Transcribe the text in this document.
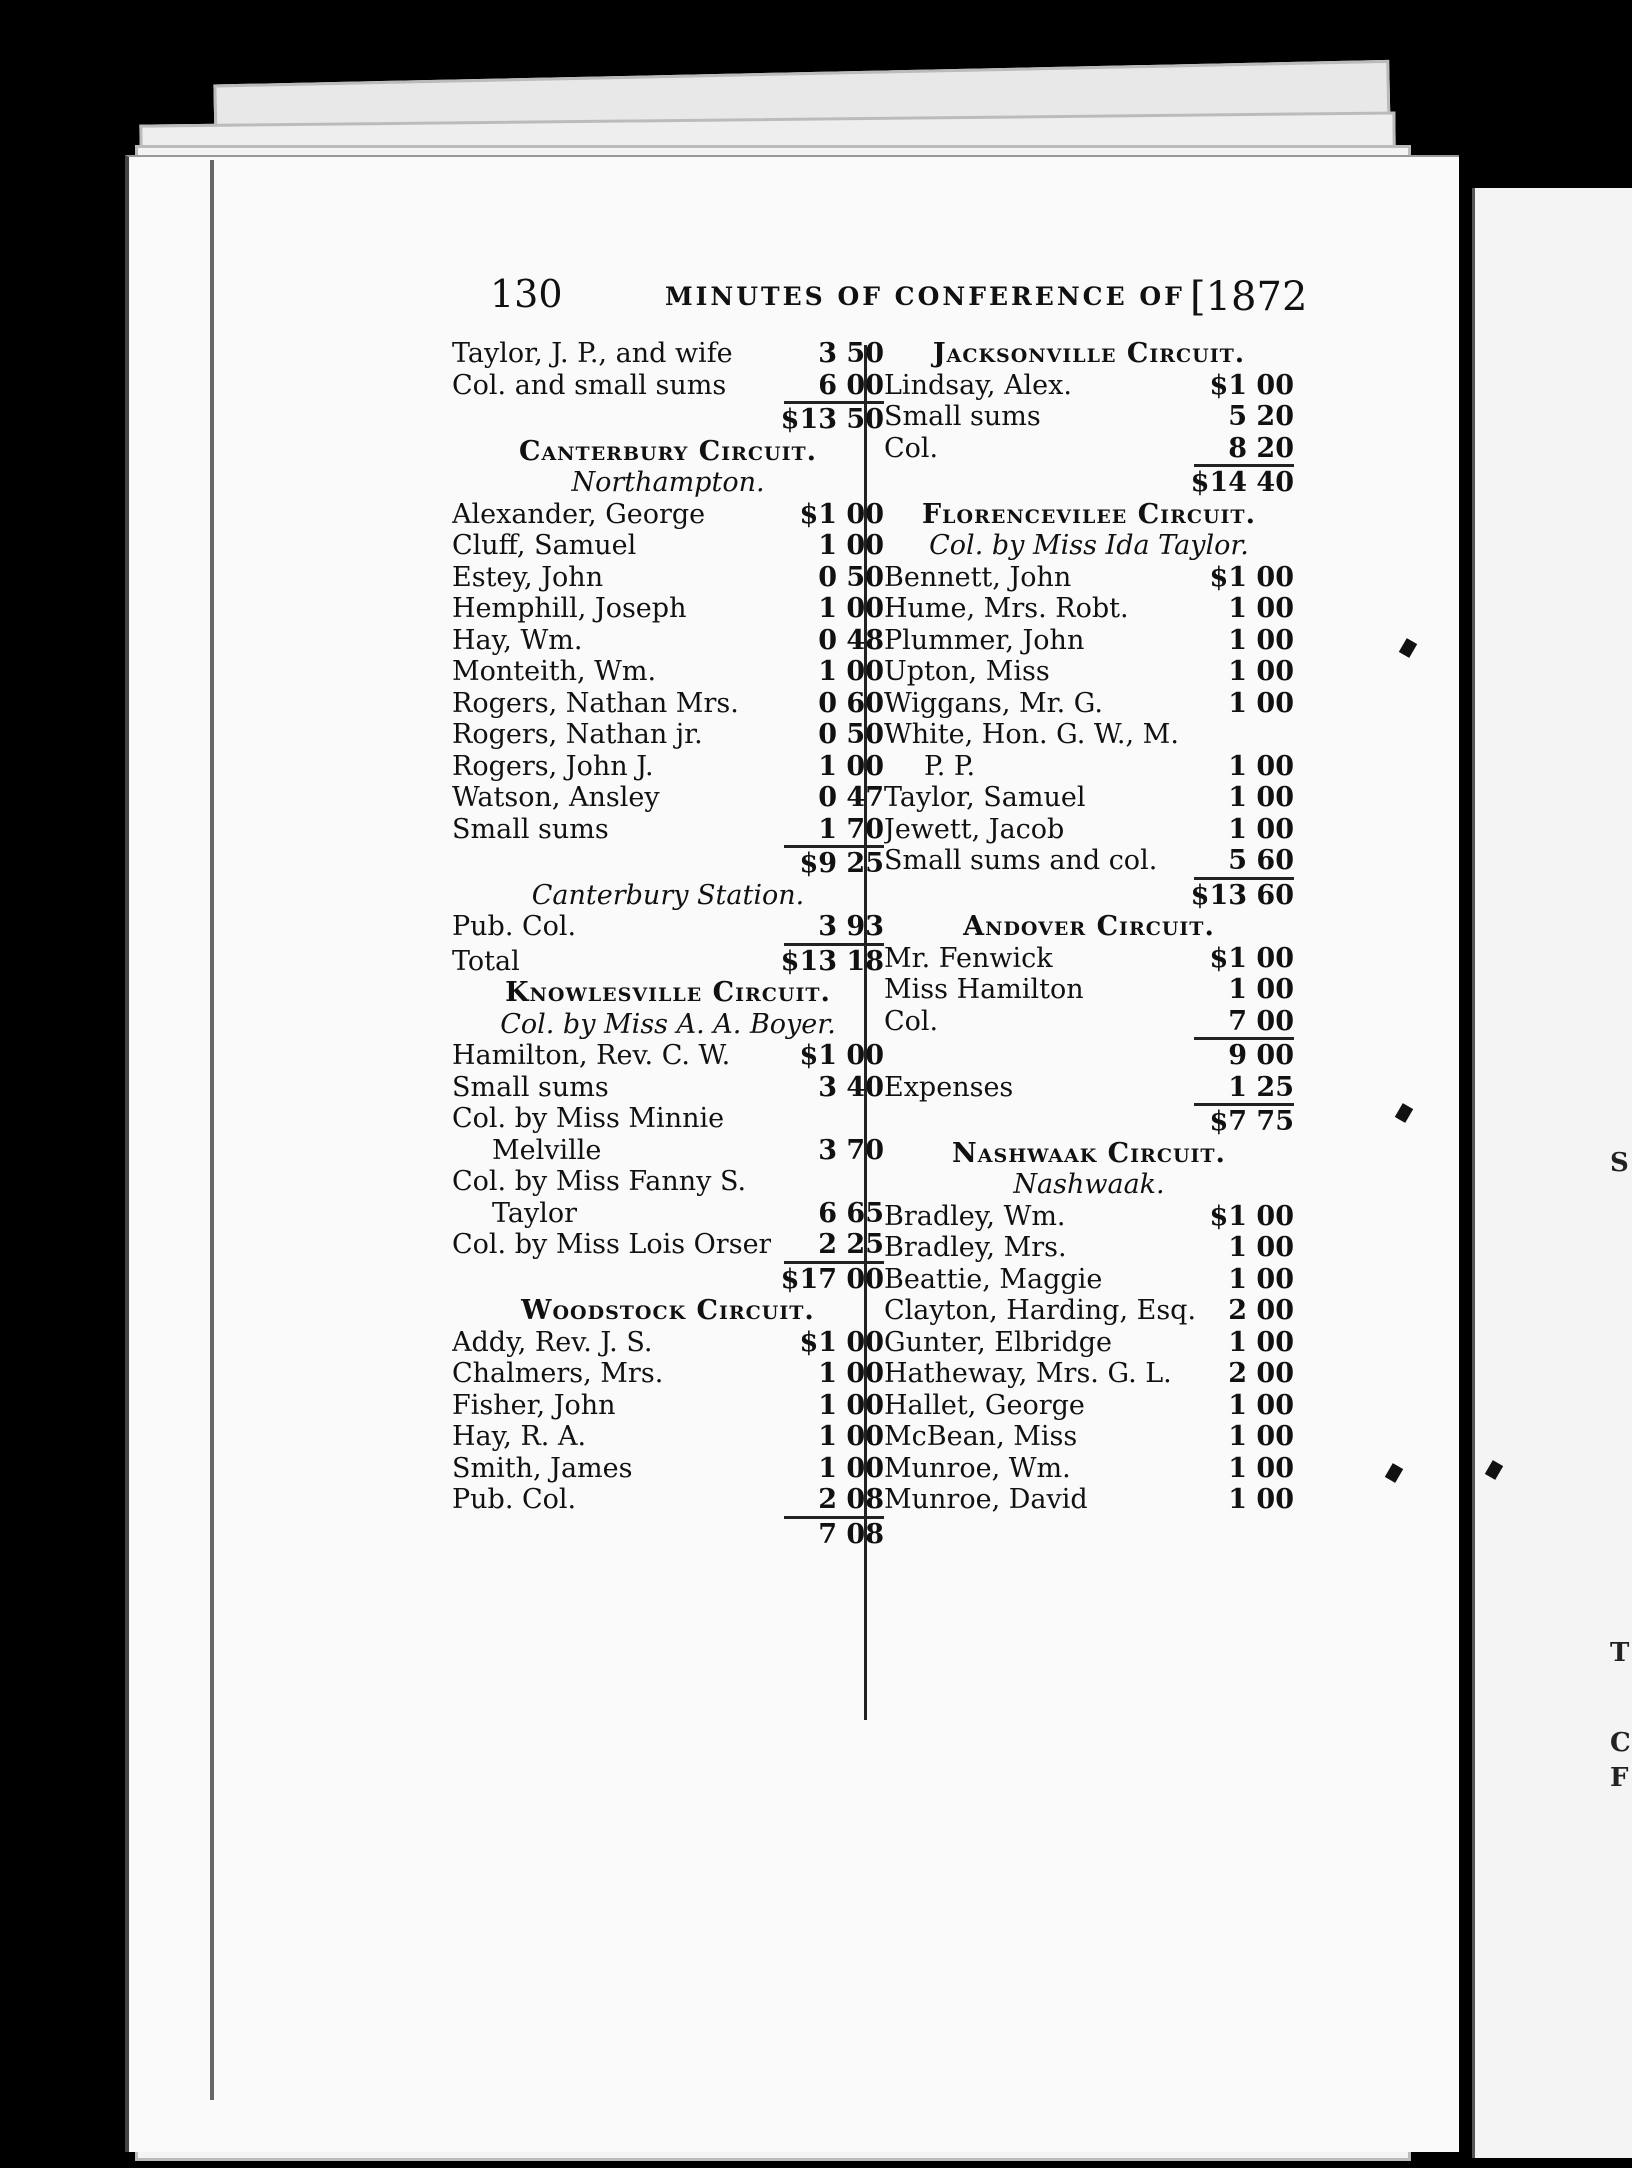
S
C
F
T
130	MINUTES OF CONFERENCE OF [1872
Taylor, J. P., and wife	3 50
Col. and small sums	6 00
$13 50
Canterbury Circuit.
Northampton.
Alexander, George	$1 00
Cluff, Samuel	1 00
Estey, John	0 50
Hemphill, Joseph	1 00
Hay, Wm.	0 48
Monteith, Wm.	1 00
Rogers, Nathan Mrs.	0 60
Rogers, Nathan jr.	0 50
Rogers, John J.	1 00
Watson, Ansley	0 47
Small sums	1 70
$9 25
Canterbury Station.
Pub. Col.	3 93
Total	$13 18
Knowlesville Circuit.
Col. by Miss A. A. Boyer.
Hamilton, Rev. C. W.	$1 00
Small sums	3 40
Col. by Miss Minnie
Melville	3 70
Col. by Miss Fanny S.
Taylor	6 65
Col. by Miss Lois Orser 2 25
$17 00
Woodstock Circuit.
Addy, Rev. J. S.	$1 00
Chalmers, Mrs.	1 00
Fisher, John	1 00
Hay, R. A.	1 00
Smith, James	1 00
Pub. Col.	2 08
7 08
Jacksonville Circuit.
Lindsay, Alex.	$1 00
Small sums	5 20
Col.	8 20
$14 40
Florencevilee Circuit.
Col. by Miss Ida Taylor.
Bennett, John	$1 00
Hume, Mrs. Robt.	1 00
Plummer, John	1 00
Upton, Miss	1 00
Wiggans, Mr. G.	1 00
White, Hon. G. W., M.
P. P.	1 00
Taylor, Samuel	1 00
Jewett, Jacob	1 00
Small sums and col.	5 60
$13 60
Andover Circuit.
Mr. Fenwick	$1 00
Miss Hamilton	1 00
Col.	7 00
9 00
Expenses	1 25
$7 75
Nashwaak Circuit.
Nashwaak.
Bradley, Wm.	$1 00
Bradley, Mrs.	1 00
Beattie, Maggie	1 00
Clayton, Harding, Esq. 2 00
Gunter, Elbridge	1 00
Hatheway, Mrs. G. L. 2 00
Hallet, George	1 00
McBean, Miss	1 00
Munroe, Wm.	1 00
Munroe, David	1 00
